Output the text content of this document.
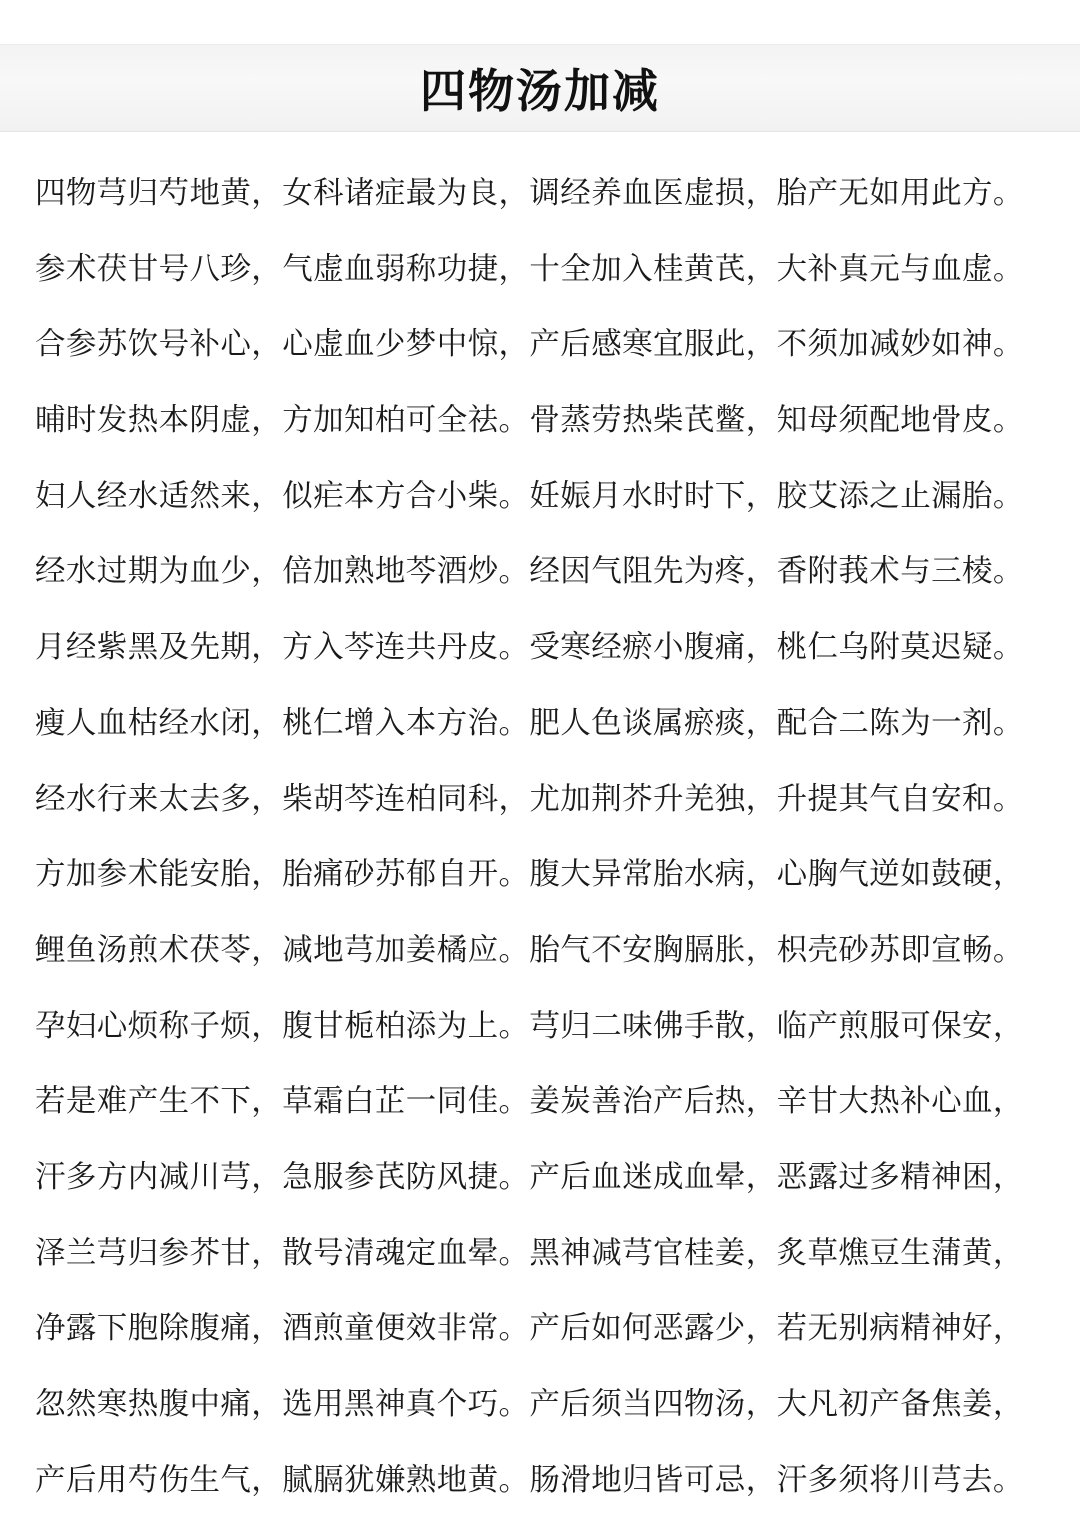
四物汤加减
四物芎归芍地黄，女科诸症最为良，调经养血医虚损，胎产无如用此方。
参术茯甘号八珍，气虚血弱称功捷，十全加入桂黄芪，大补真元与血虚。
合参苏饮号补心，心虚血少梦中惊，产后感寒宜服此，不须加减妙如神。
晡时发热本阴虚，方加知柏可全祛。骨蒸劳热柴芪鳖，知母须配地骨皮。
妇人经水适然来，似疟本方合小柴。妊娠月水时时下，胶艾添之止漏胎。
经水过期为血少，倍加熟地芩酒炒。经因气阻先为疼，香附莪术与三棱。
月经紫黑及先期，方入芩连共丹皮。受寒经瘀小腹痛，桃仁乌附莫迟疑。
瘦人血枯经水闭，桃仁增入本方治。肥人色谈属瘀痰，配合二陈为一剂。
经水行来太去多，柴胡芩连柏同科，尤加荆芥升羌独，升提其气自安和。
方加参术能安胎，胎痛砂苏郁自开。腹大异常胎水病，心胸气逆如鼓硬，
鲤鱼汤煎术茯苓，减地芎加姜橘应。胎气不安胸膈胀，枳壳砂苏即宣畅。
孕妇心烦称子烦，腹甘栀柏添为上。芎归二味佛手散，临产煎服可保安，
若是难产生不下，草霜白芷一同佳。姜炭善治产后热，辛甘大热补心血，
汗多方内减川芎，急服参芪防风捷。产后血迷成血晕，恶露过多精神困，
泽兰芎归参芥甘，散号清魂定血晕。黑神减芎官桂姜，炙草燋豆生蒲黄，
净露下胞除腹痛，酒煎童便效非常。产后如何恶露少，若无别病精神好，
忽然寒热腹中痛，选用黑神真个巧。产后须当四物汤，大凡初产备焦姜，
产后用芍伤生气，腻膈犹嫌熟地黄。肠滑地归皆可忌，汗多须将川芎去。
